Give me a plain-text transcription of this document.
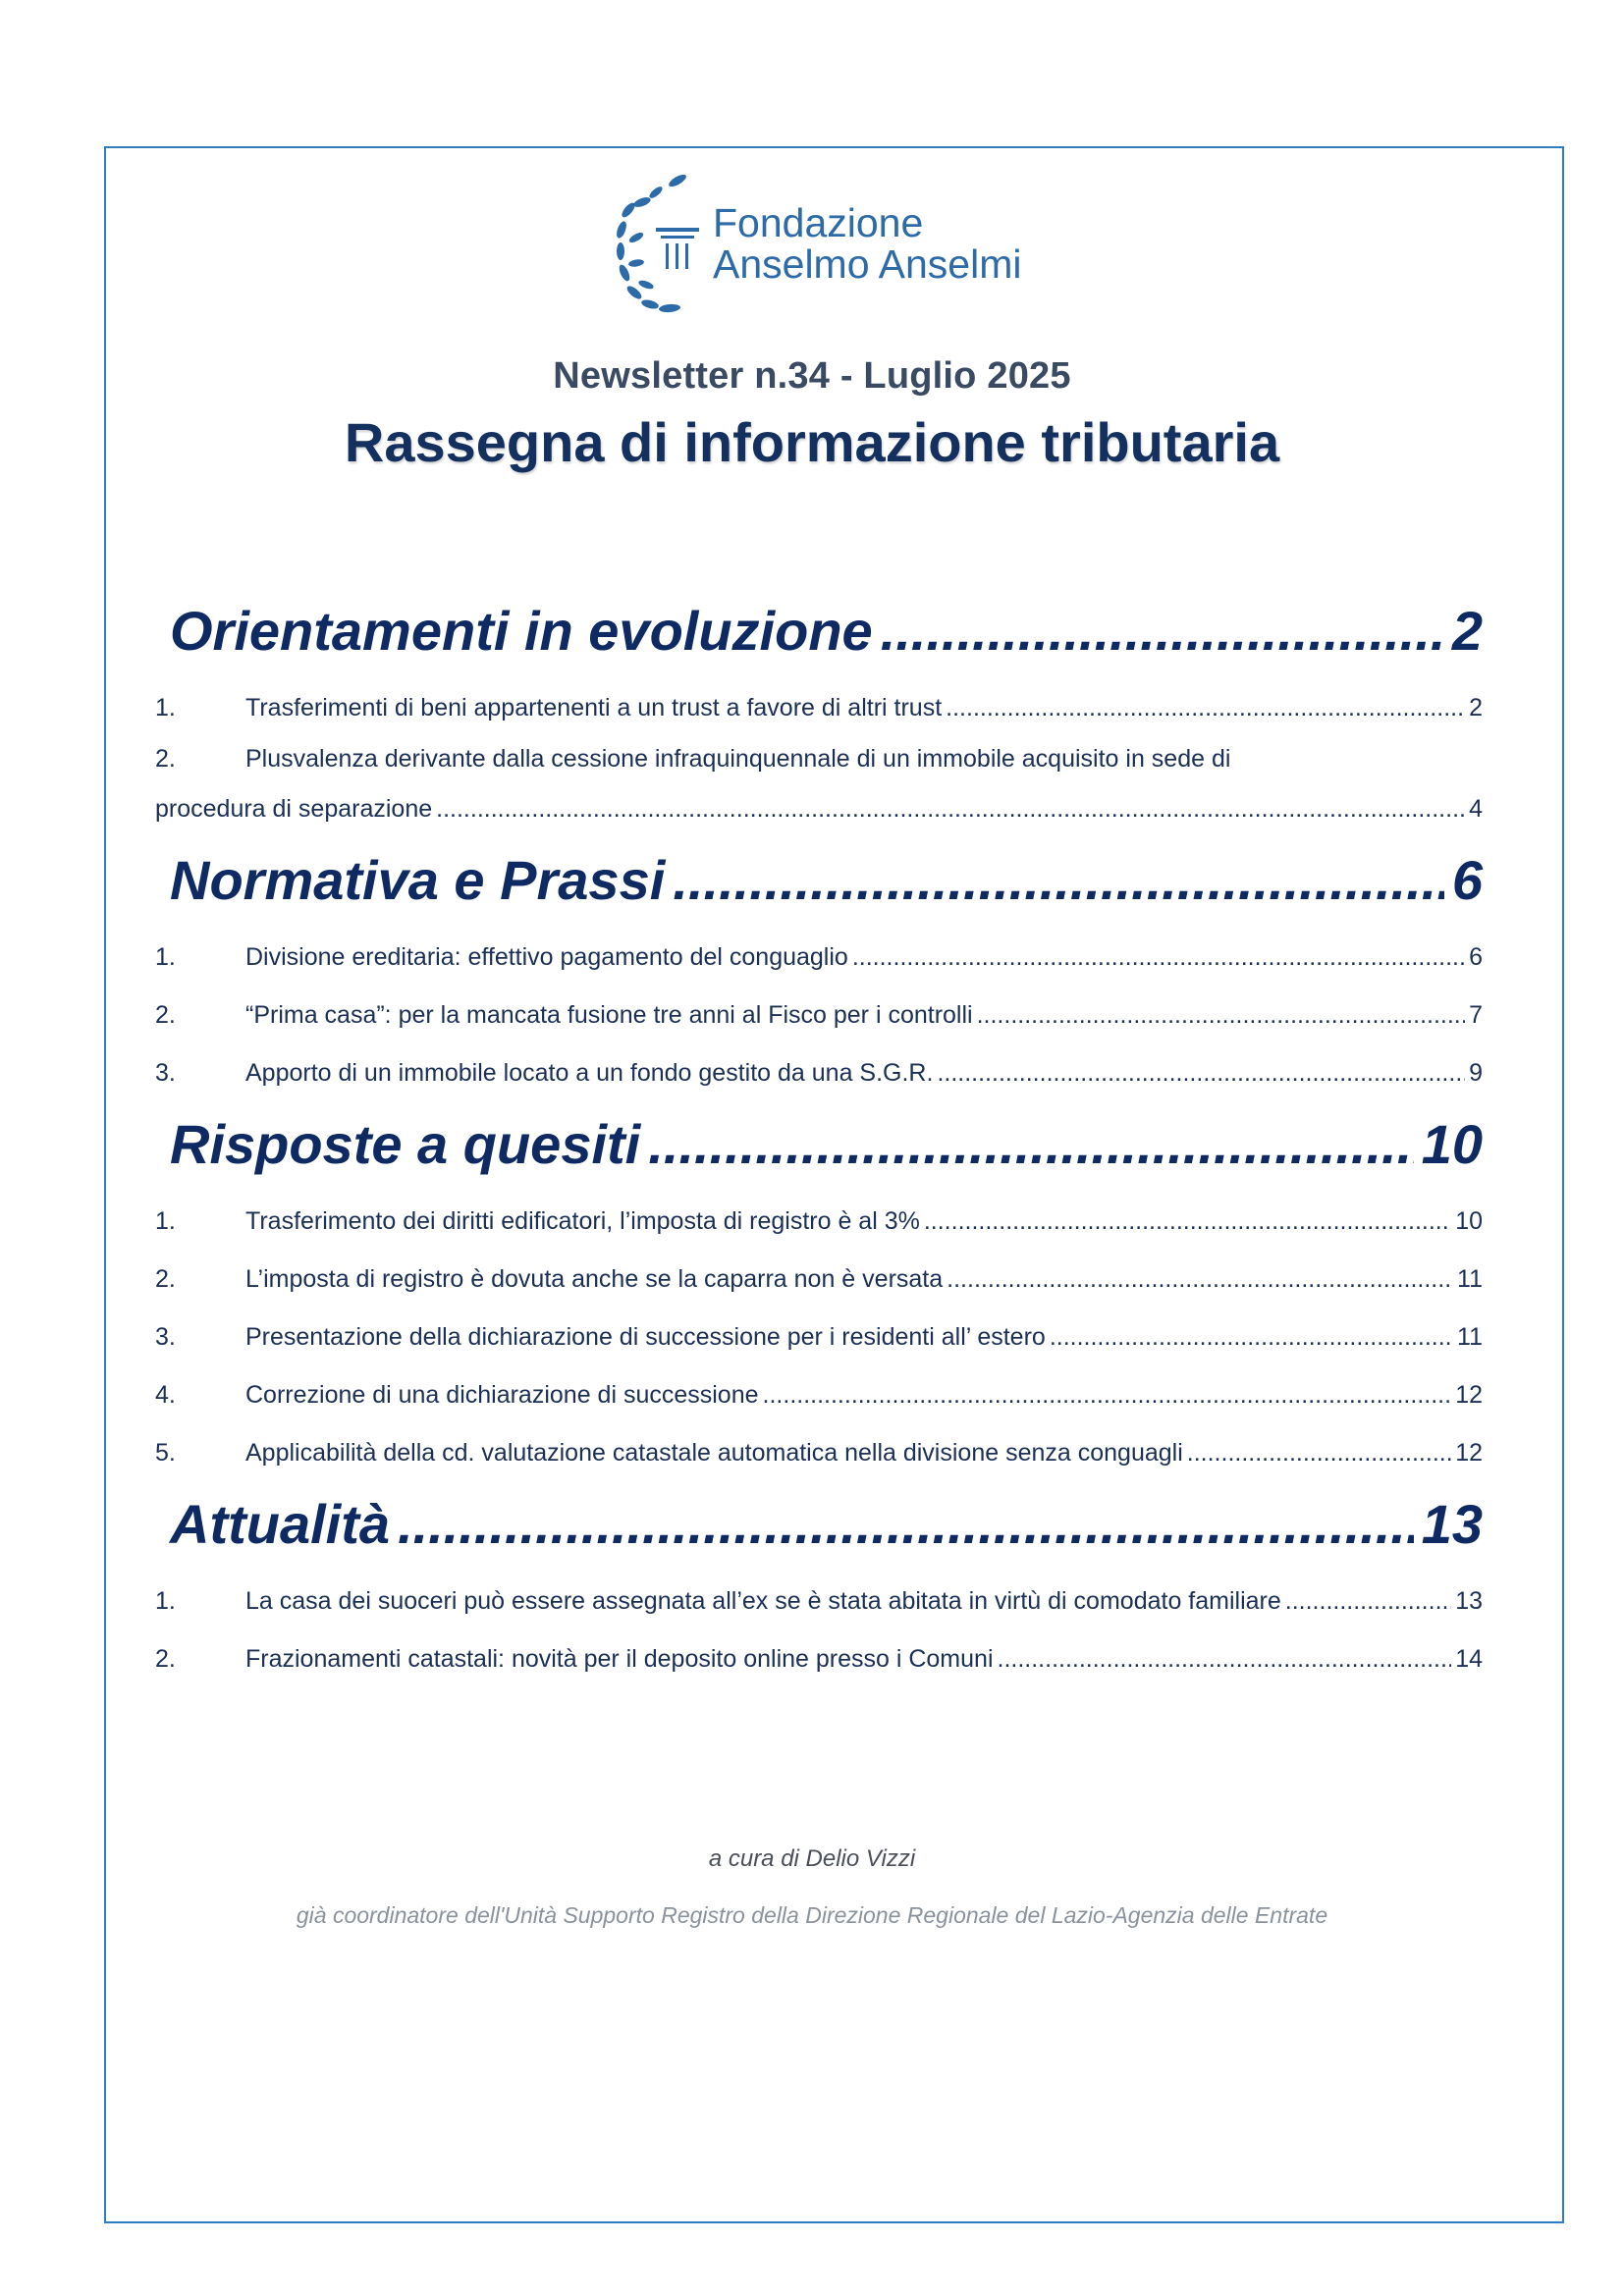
Fondazione
Anselmo Anselmi
Newsletter n.34 - Luglio 2025
Rassegna di informazione tributaria
Orientamenti in evoluzione .....	2
1.	Trasferimenti di beni appartenenti a un trust a favore di altri trust .....	2
2.	Plusvalenza derivante dalla cessione infraquinquennale di un immobile acquisito in sede di
procedura di separazione .....	4
Normativa e Prassi .....	6
1.	Divisione ereditaria: effettivo pagamento del conguaglio .....	6
2.	“Prima casa”: per la mancata fusione tre anni al Fisco per i controlli .....	7
3.	Apporto di un immobile locato a un fondo gestito da una S.G.R. .....	9
Risposte a quesiti .....	10
1.	Trasferimento dei diritti edificatori, l’imposta di registro è al 3% .....	10
2.	L’imposta di registro è dovuta anche se la caparra non è versata .....	11
3.	Presentazione della dichiarazione di successione per i residenti all’ estero .....	11
4.	Correzione di una dichiarazione di successione .....	12
5.	Applicabilità della cd. valutazione catastale automatica nella divisione senza conguagli .....	12
Attualità .....	13
1.	La casa dei suoceri può essere assegnata all’ex se è stata abitata in virtù di comodato familiare .....	13
2.	Frazionamenti catastali: novità per il deposito online presso i Comuni .....	14
a cura di Delio Vizzi
già coordinatore dell'Unità Supporto Registro della Direzione Regionale del Lazio-Agenzia delle Entrate
